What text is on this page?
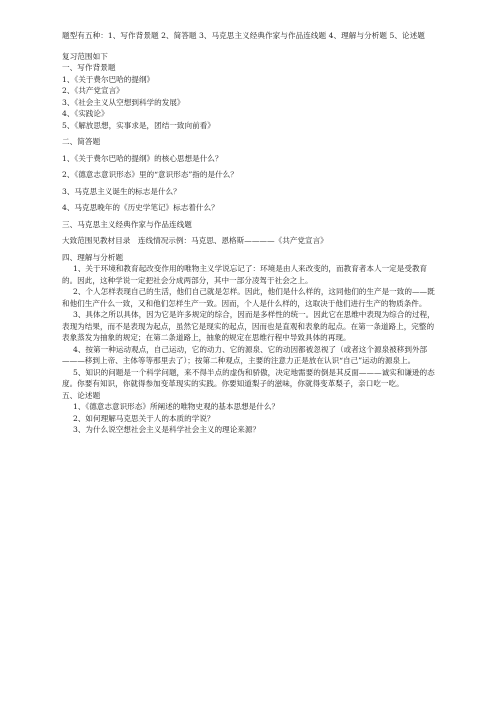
题型有五种：1、写作背景题 2、简答题 3、马克思主义经典作家与作品连线题 4、理解与分析题 5、论述题

复习范围如下

一、写作背景题

1、《关于费尔巴哈的提纲》

2、《共产党宣言》

3、《社会主义从空想到科学的发展》

4、《实践论》

5、《解放思想，实事求是，团结一致向前看》

二、简答题

1、《关于费尔巴哈的提纲》的核心思想是什么？

2、《德意志意识形态》里的“意识形态”指的是什么？

3、马克思主义诞生的标志是什么？

4、马克思晚年的《历史学笔记》标志着什么？

三、马克思主义经典作家与作品连线题

大致范围见教材目录　连线情况示例：马克思、恩格斯————《共产党宣言》

四、理解与分析题

1、关于环境和教育起改变作用的唯物主义学说忘记了：环境是由人来改变的，而教育者本人一定是受教育的。因此，这种学说一定把社会分成两部分，其中一部分凌驾于社会之上。

2、个人怎样表现自己的生活，他们自己就是怎样。因此，他们是什么样的，这同他们的生产是一致的——既和他们生产什么一致，又和他们怎样生产一致。因而，个人是什么样的，这取决于他们进行生产的物质条件。

3、具体之所以具体，因为它是许多规定的综合，因而是多样性的统一。因此它在思维中表现为综合的过程，表现为结果，而不是表现为起点，虽然它是现实的起点，因而也是直观和表象的起点。在第一条道路上，完整的表象蒸发为抽象的规定；在第二条道路上，抽象的规定在思维行程中导致具体的再现。

4、按第一种运动观点，自己运动，它的动力、它的源泉、它的动因都被忽视了（或者这个源泉被移到外部———移到上帝、主体等等那里去了）；按第二种观点，主要的注意力正是放在认识“自己”运动的源泉上。

5、知识的问题是一个科学问题，来不得半点的虚伪和骄傲，决定地需要的倒是其反面———诚实和谦逊的态度。你要有知识，你就得参加变革现实的实践。你要知道梨子的滋味，你就得变革梨子，亲口吃一吃。

五、论述题

1、《德意志意识形态》所阐述的唯物史观的基本思想是什么？

2、如何理解马克思关于人的本质的学说？

3、为什么说空想社会主义是科学社会主义的理论来源？
